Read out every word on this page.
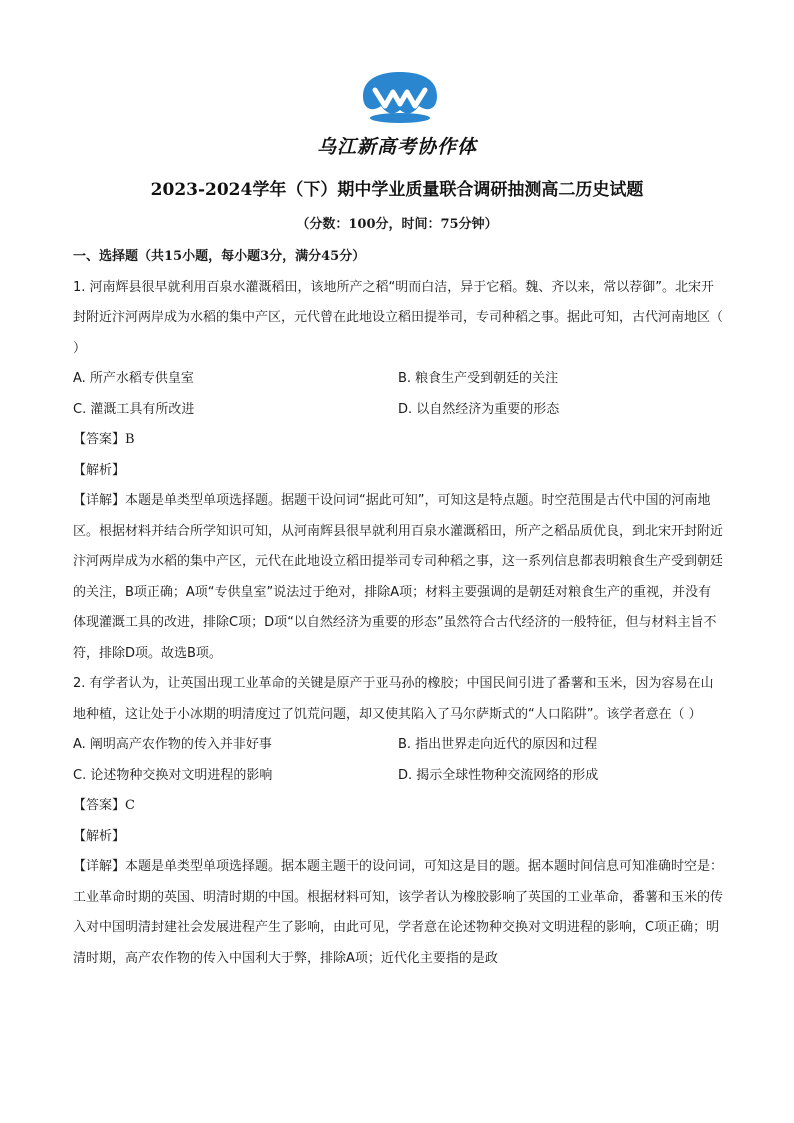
乌江新高考协作体
2023-2024学年（下）期中学业质量联合调研抽测高二历史试题
（分数：100分，时间：75分钟）

一、选择题（共15小题，每小题3分，满分45分）

1. 河南辉县很早就利用百泉水灌溉稻田，该地所产之稻“明而白洁，异于它稻。魏、齐以来，常以荐御”。北宋开封附近汴河两岸成为水稻的集中产区，元代曾在此地设立稻田提举司，专司种稻之事。据此可知，古代河南地区（ ）

A. 所产水稻专供皇室	B. 粮食生产受到朝廷的关注
C. 灌溉工具有所改进	D. 以自然经济为重要的形态

【答案】B

【解析】

【详解】本题是单类型单项选择题。据题干设问词“据此可知”，可知这是特点题。时空范围是古代中国的河南地区。根据材料并结合所学知识可知，从河南辉县很早就利用百泉水灌溉稻田，所产之稻品质优良，到北宋开封附近汴河两岸成为水稻的集中产区，元代在此地设立稻田提举司专司种稻之事，这一系列信息都表明粮食生产受到朝廷的关注，B项正确；A项“专供皇室”说法过于绝对，排除A项；材料主要强调的是朝廷对粮食生产的重视，并没有体现灌溉工具的改进，排除C项；D项“以自然经济为重要的形态”虽然符合古代经济的一般特征，但与材料主旨不符，排除D项。故选B项。

2. 有学者认为，让英国出现工业革命的关键是原产于亚马孙的橡胶；中国民间引进了番薯和玉米，因为容易在山地种植，这让处于小冰期的明清度过了饥荒问题，却又使其陷入了马尔萨斯式的“人口陷阱”。该学者意在（ ）

A. 阐明高产农作物的传入并非好事	B. 指出世界走向近代的原因和过程
C. 论述物种交换对文明进程的影响	D. 揭示全球性物种交流网络的形成

【答案】C

【解析】

【详解】本题是单类型单项选择题。据本题主题干的设问词，可知这是目的题。据本题时间信息可知准确时空是：工业革命时期的英国、明清时期的中国。根据材料可知，该学者认为橡胶影响了英国的工业革命，番薯和玉米的传入对中国明清封建社会发展进程产生了影响，由此可见，学者意在论述物种交换对文明进程的影响，C项正确；明清时期，高产农作物的传入中国利大于弊，排除A项；近代化主要指的是政
